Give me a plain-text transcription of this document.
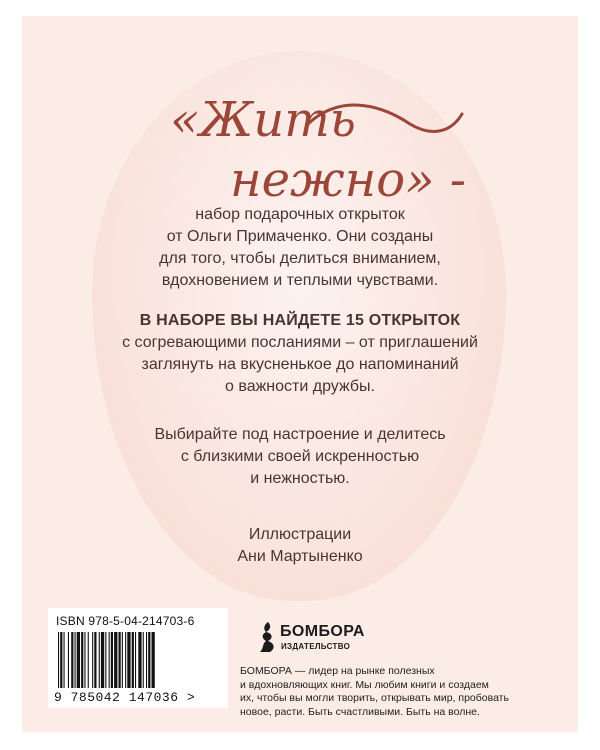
«Жить
нежно» -
набор подарочных открыток
от Ольги Примаченко. Они созданы
для того, чтобы делиться вниманием,
вдохновением и теплыми чувствами.
В НАБОРЕ ВЫ НАЙДЕТЕ 15 ОТКРЫТОК
с согревающими посланиями – от приглашений
заглянуть на вкусненькое до напоминаний
о важности дружбы.
Выбирайте под настроение и делитесь
с близкими своей искренностью
и нежностью.
Иллюстрации
Ани Мартыненко
ISBN 978-5-04-214703-6
9 785042 147036 >
БОМБОРА
ИЗДАТЕЛЬСТВО
БОМБОРА — лидер на рынке полезных
и вдохновляющих книг. Мы любим книги и создаем
их, чтобы вы могли творить, открывать мир, пробовать
новое, расти. Быть счастливыми. Быть на волне.
